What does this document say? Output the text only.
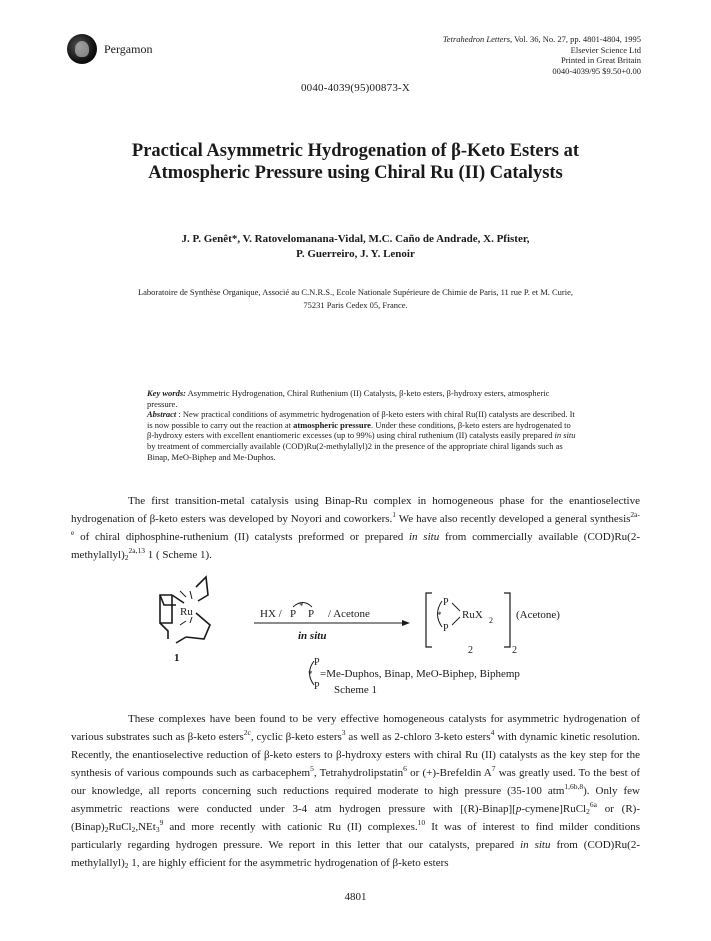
Pergamon
Tetrahedron Letters, Vol. 36, No. 27, pp. 4801-4804, 1995
Elsevier Science Ltd
Printed in Great Britain
0040-4039/95 $9.50+0.00
0040-4039(95)00873-X
Practical Asymmetric Hydrogenation of β-Keto Esters at
Atmospheric Pressure using Chiral Ru (II) Catalysts
J. P. Genêt*, V. Ratovelomanana-Vidal, M.C. Caño de Andrade, X. Pfister,
P. Guerreiro, J. Y. Lenoir
Laboratoire de Synthèse Organique, Associé au C.N.R.S., Ecole Nationale Supérieure de Chimie de Paris, 11 rue P. et M. Curie,
75231 Paris Cedex 05, France.
Key words: Asymmetric Hydrogenation, Chiral Ruthenium (II) Catalysts, β-keto esters, β-hydroxy esters, atmospheric pressure.
Abstract : New practical conditions of asymmetric hydrogenation of β-keto esters with chiral Ru(II) catalysts are described. It is now possible to carry out the reaction at atmospheric pressure. Under these conditions, β-keto esters are hydrogenated to β-hydroxy esters with excellent enantiomeric excesses (up to 99%) using chiral ruthenium (II) catalysts easily prepared in situ by treatment of commercially available (COD)Ru(2-methylallyl)2 in the presence of the appropriate chiral ligands such as Binap, MeO-Biphep and Me-Duphos.

The first transition-metal catalysis using Binap-Ru complex in homogeneous phase for the enantioselective hydrogenation of β-keto esters was developed by Noyori and coworkers.$^1$ We have also recently developed a general synthesis$^{2a-e}$ of chiral diphosphine-ruthenium (II) catalysts preformed or prepared in situ from commercially available $(COD)Ru(2-methylallyl)_2^{2a,13}$ 1 ( Scheme 1).

Ru
1
HX / P
*
P / Acetone
in situ
P
*
P
RuX 2 (Acetone)
2	2
P
*
P
=Me-Duphos, Binap, MeO-Biphep, Biphemp
Scheme 1

These complexes have been found to be very effective homogeneous catalysts for asymmetric hydrogenation of various substrates such as β-keto esters$^{2c}$, cyclic β-keto esters$^3$ as well as 2-chloro 3-keto esters$^4$ with dynamic kinetic resolution. Recently, the enantioselective reduction of β-keto esters to β-hydroxy esters with chiral Ru (II) catalysts as the key step for the synthesis of various compounds such as carbacephem$^5$, Tetrahydrolipstatin$^6$ or (+)-Brefeldin $A^7$ was greatly used. To the best of our knowledge, all reports concerning such reductions required moderate to high pressure (35-100 atm$^{1,6b,8}$). Only few asymmetric reactions were conducted under 3-4 atm hydrogen pressure with [(R)-Binap][p-cymene]RuCl$_2^{6a}$ or $(R)-(Binap)_2RuCl_2,NEt_3^9$ and more recently with cationic Ru (II) complexes.$^{10}$ It was of interest to find milder conditions particularly regarding hydrogen pressure. We report in this letter that our catalysts, prepared in situ from $(COD)Ru(2-methylallyl)_2$ 1, are highly efficient for the asymmetric hydrogenation of β-keto esters

4801
